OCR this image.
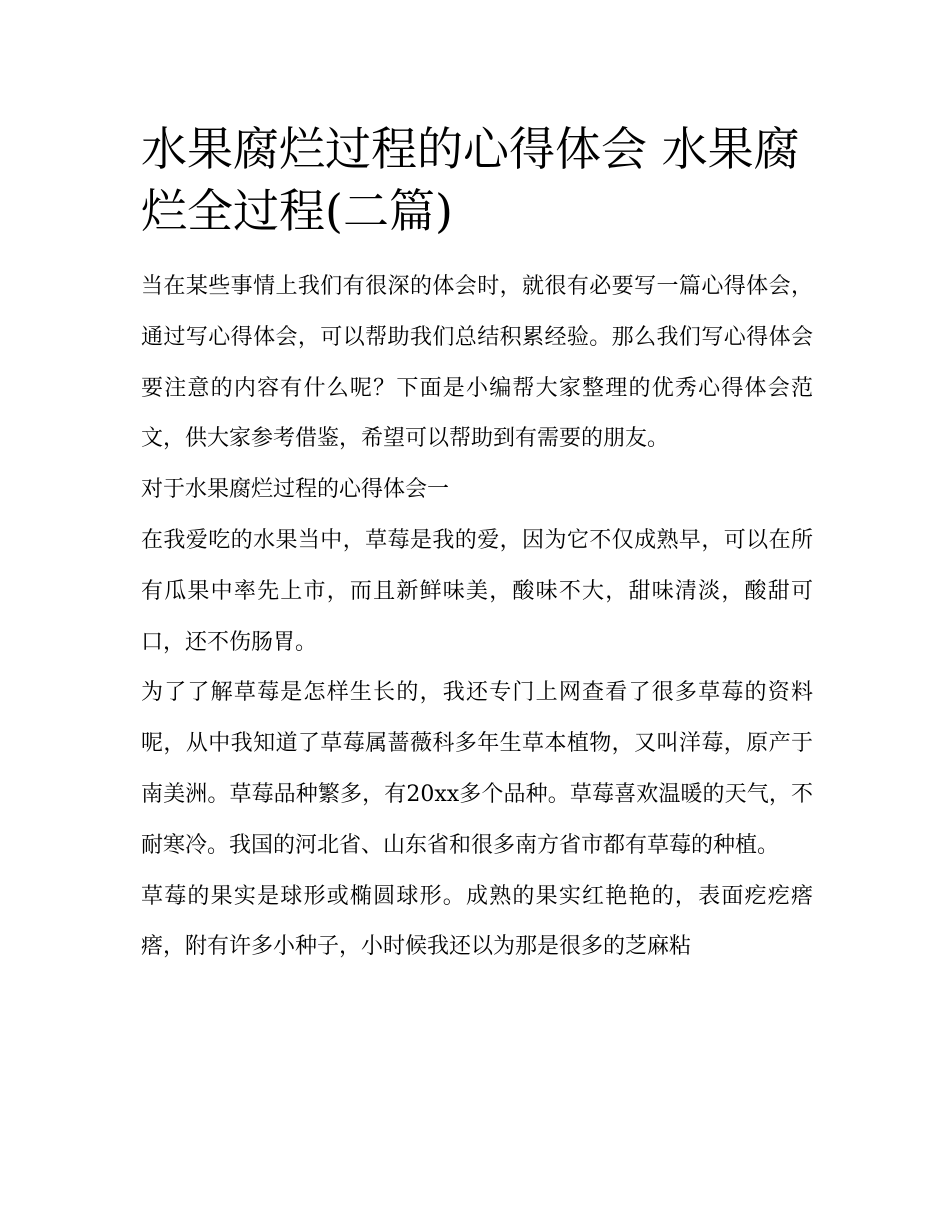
水果腐烂过程的心得体会 水果腐烂全过程(二篇)

当在某些事情上我们有很深的体会时，就很有必要写一篇心得体会，通过写心得体会，可以帮助我们总结积累经验。那么我们写心得体会要注意的内容有什么呢？下面是小编帮大家整理的优秀心得体会范文，供大家参考借鉴，希望可以帮助到有需要的朋友。

对于水果腐烂过程的心得体会一

在我爱吃的水果当中，草莓是我的爱，因为它不仅成熟早，可以在所有瓜果中率先上市，而且新鲜味美，酸味不大，甜味清淡，酸甜可口，还不伤肠胃。

为了了解草莓是怎样生长的，我还专门上网查看了很多草莓的资料呢，从中我知道了草莓属蔷薇科多年生草本植物，又叫洋莓，原产于南美洲。草莓品种繁多，有20xx多个品种。草莓喜欢温暖的天气，不耐寒冷。我国的河北省、山东省和很多南方省市都有草莓的种植。

草莓的果实是球形或椭圆球形。成熟的果实红艳艳的，表面疙疙瘩瘩，附有许多小种子，小时候我还以为那是很多的芝麻粘
